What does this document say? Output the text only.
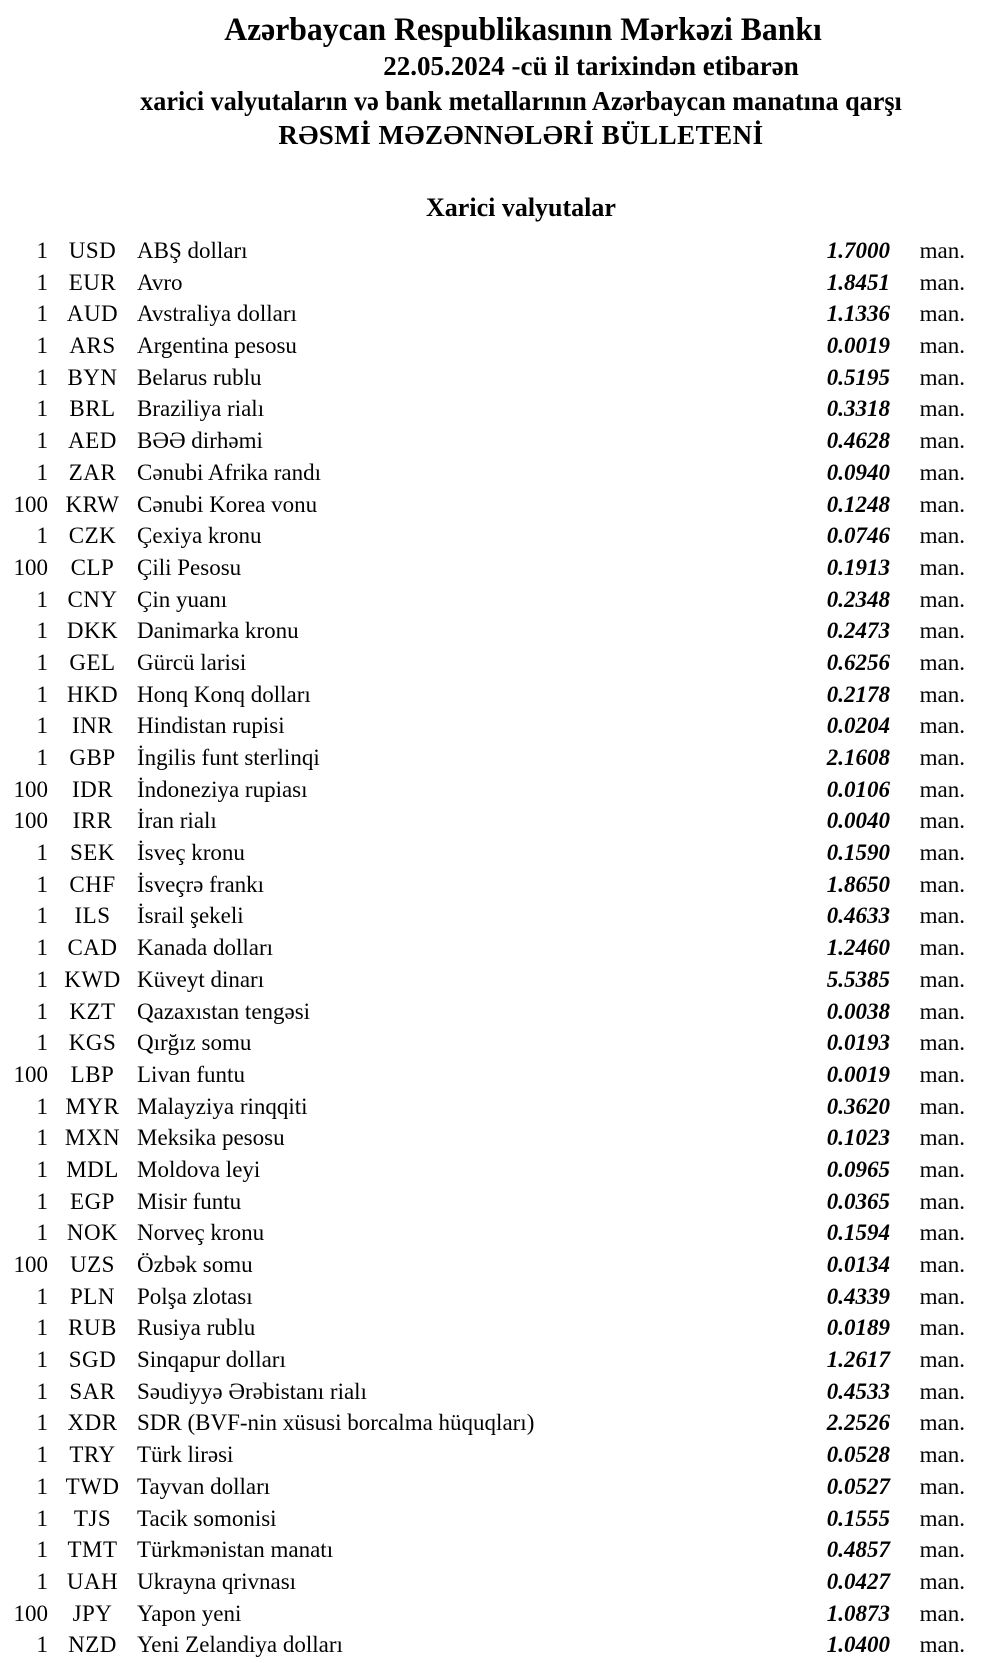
Azərbaycan Respublikasının Mərkəzi Bankı
22.05.2024 -cü il tarixindən etibarən
xarici valyutaların və bank metallarının Azərbaycan manatına qarşı
RƏSMİ MƏZƏNNƏLƏRİ BÜLLETENİ
Xarici valyutalar
1 USD ABŞ dolları	1.7000	man.
1 EUR Avro	1.8451	man.
1 AUD Avstraliya dolları	1.1336	man.
1 ARS Argentina pesosu	0.0019	man.
1 BYN Belarus rublu	0.5195	man.
1 BRL Braziliya rialı	0.3318	man.
1 AED BƏƏ dirhəmi	0.4628	man.
1 ZAR Cənubi Afrika randı	0.0940	man.
100 KRW Cənubi Korea vonu	0.1248	man.
1 CZK Çexiya kronu	0.0746	man.
100 CLP Çili Pesosu	0.1913	man.
1 CNY Çin yuanı	0.2348	man.
1 DKK Danimarka kronu	0.2473	man.
1 GEL Gürcü larisi	0.6256	man.
1 HKD Honq Konq dolları	0.2178	man.
1	INR	Hindistan rupisi	0.0204	man.
1 GBP İngilis funt sterlinqi	2.1608	man.
100	IDR	İndoneziya rupiası	0.0106	man.
100	IRR	İran rialı	0.0040	man.
1 SEK İsveç kronu	0.1590	man.
1 CHF İsveçrə frankı	1.8650	man.
1	ILS	İsrail şekeli	0.4633	man.
1 CAD Kanada dolları	1.2460	man.
1 KWD Küveyt dinarı	5.5385	man.
1 KZT Qazaxıstan tengəsi	0.0038	man.
1 KGS Qırğız somu	0.0193	man.
100 LBP Livan funtu	0.0019	man.
1 MYR Malayziya rinqqiti	0.3620	man.
1 MXN Meksika pesosu	0.1023	man.
1 MDL Moldova leyi	0.0965	man.
1 EGP Misir funtu	0.0365	man.
1 NOK Norveç kronu	0.1594	man.
100 UZS Özbək somu	0.0134	man.
1 PLN Polşa zlotası	0.4339	man.
1 RUB Rusiya rublu	0.0189	man.
1 SGD Sinqapur dolları	1.2617	man.
1 SAR Səudiyyə Ərəbistanı rialı	0.4533	man.
1 XDR SDR (BVF-nin xüsusi borcalma hüquqları)	2.2526	man.
1 TRY Türk lirəsi	0.0528	man.
1 TWD Tayvan dolları	0.0527	man.
1	TJS	Tacik somonisi	0.1555	man.
1 TMT Türkmənistan manatı	0.4857	man.
1 UAH Ukrayna qrivnası	0.0427	man.
100	JPY	Yapon yeni	1.0873	man.
1 NZD Yeni Zelandiya dolları	1.0400	man.
